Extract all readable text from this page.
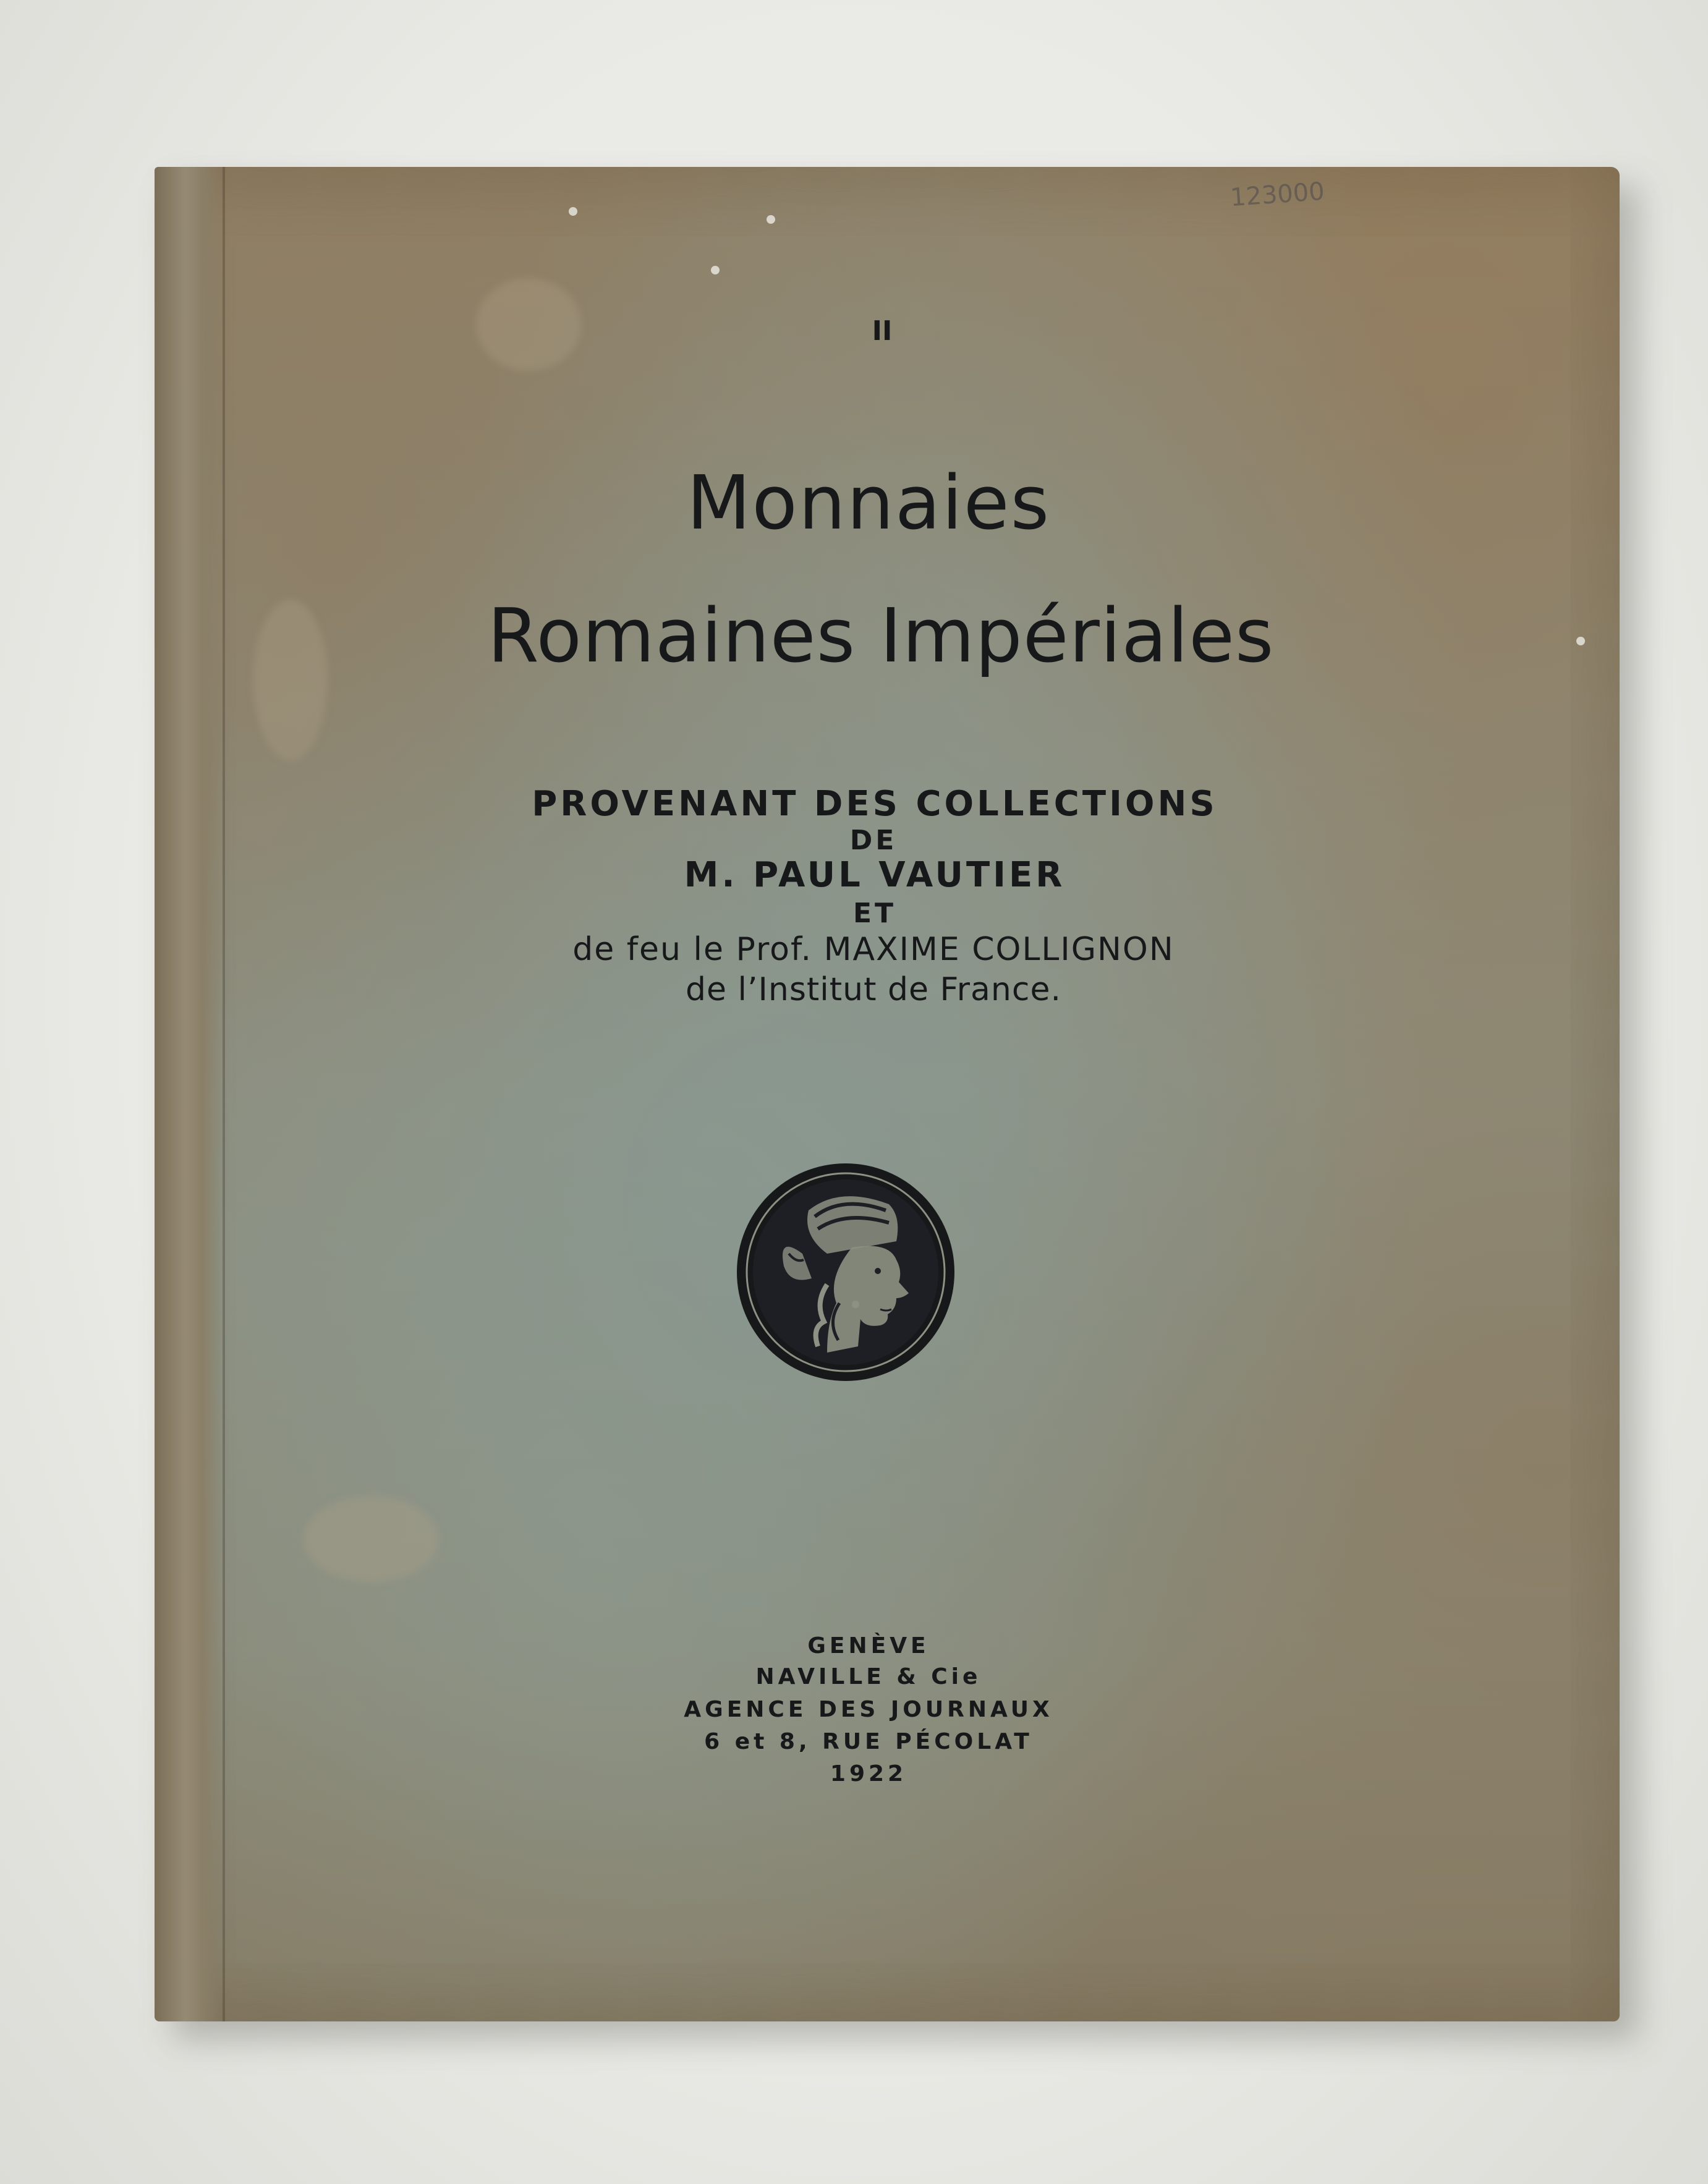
123000

II

Monnaies

Romaines Impériales

PROVENANT DES COLLECTIONS

DE

M. PAUL VAUTIER

ET

de feu le Prof. MAXIME COLLIGNON

de l’Institut de France.

GENÈVE

NAVILLE & Cie

AGENCE DES JOURNAUX

6 et 8, RUE PÉCOLAT

1922
